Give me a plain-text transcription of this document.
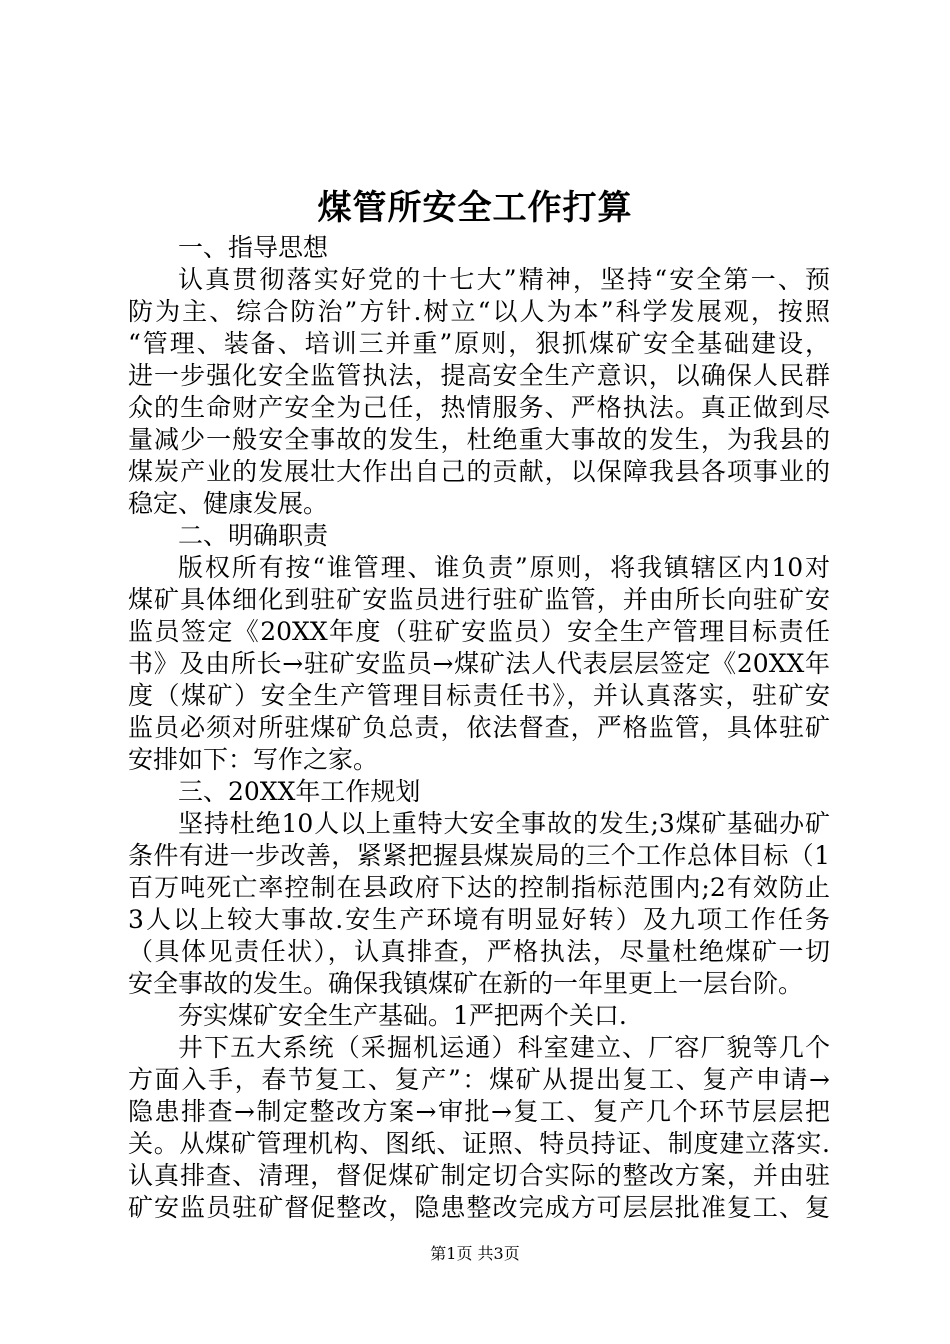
煤管所安全工作打算
一、指导思想
认真贯彻落实好党的十七大”精神，坚持“安全第一、预
防为主、综合防治”方针.树立“以人为本”科学发展观，按照
“管理、装备、培训三并重”原则，狠抓煤矿安全基础建设，
进一步强化安全监管执法，提高安全生产意识，以确保人民群
众的生命财产安全为己任，热情服务、严格执法。真正做到尽
量减少一般安全事故的发生，杜绝重大事故的发生，为我县的
煤炭产业的发展壮大作出自己的贡献，以保障我县各项事业的
稳定、健康发展。
二、明确职责
版权所有按“谁管理、谁负责”原则，将我镇辖区内10对
煤矿具体细化到驻矿安监员进行驻矿监管，并由所长向驻矿安
监员签定《20XX年度（驻矿安监员）安全生产管理目标责任
书》及由所长→驻矿安监员→煤矿法人代表层层签定《20XX年
度（煤矿）安全生产管理目标责任书》，并认真落实，驻矿安
监员必须对所驻煤矿负总责，依法督查，严格监管，具体驻矿
安排如下：写作之家。
三、20XX年工作规划
坚持杜绝10人以上重特大安全事故的发生;3煤矿基础办矿
条件有进一步改善，紧紧把握县煤炭局的三个工作总体目标（1
百万吨死亡率控制在县政府下达的控制指标范围内;2有效防止
3人以上较大事故.安生产环境有明显好转）及九项工作任务
（具体见责任状），认真排查，严格执法，尽量杜绝煤矿一切
安全事故的发生。确保我镇煤矿在新的一年里更上一层台阶。
夯实煤矿安全生产基础。1严把两个关口.
井下五大系统（采掘机运通）科室建立、厂容厂貌等几个
方面入手，春节复工、复产”：煤矿从提出复工、复产申请→
隐患排查→制定整改方案→审批→复工、复产几个环节层层把
关。从煤矿管理机构、图纸、证照、特员持证、制度建立落实.
认真排查、清理，督促煤矿制定切合实际的整改方案，并由驻
矿安监员驻矿督促整改，隐患整改完成方可层层批准复工、复
第1页 共3页
